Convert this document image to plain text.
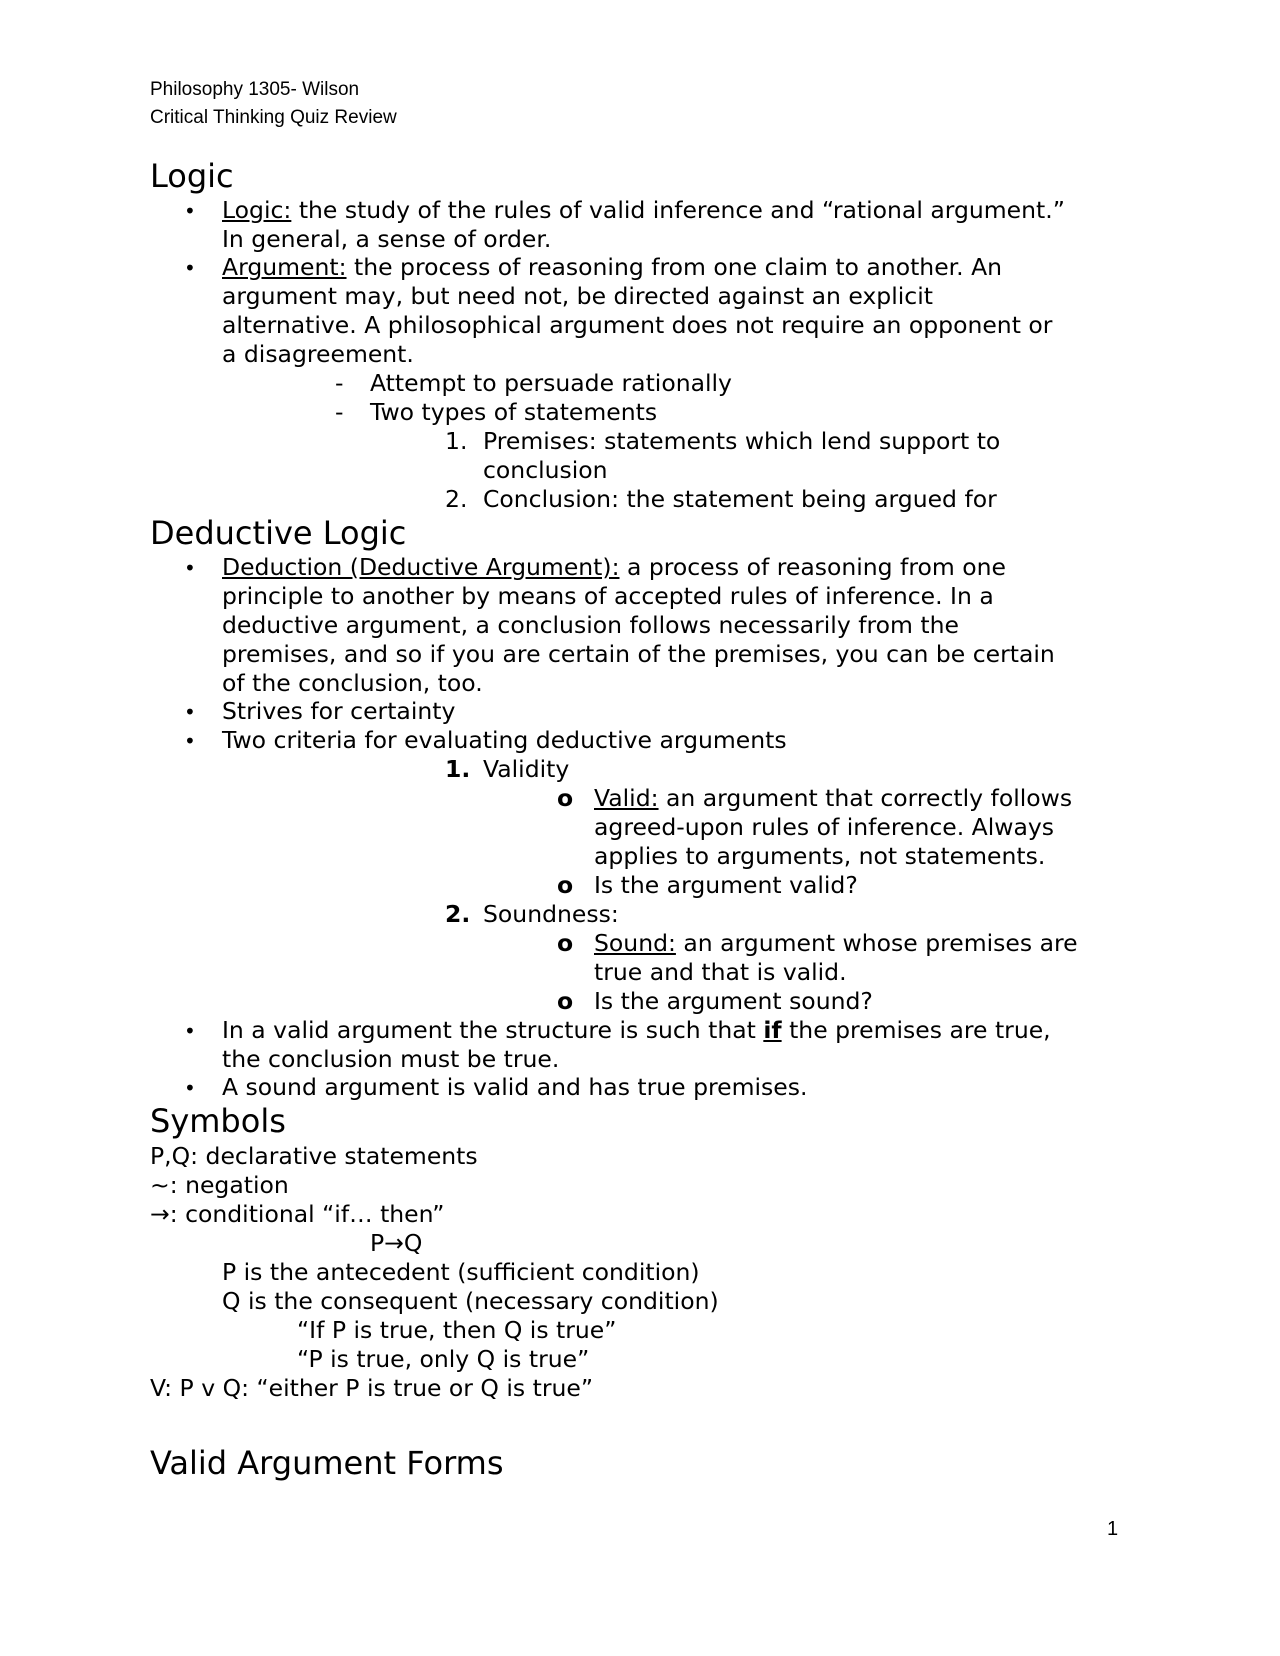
Philosophy 1305- Wilson
Critical Thinking Quiz Review
Logic
• Logic: the study of the rules of valid inference and “rational argument.”
In general, a sense of order.
• Argument: the process of reasoning from one claim to another. An
argument may, but need not, be directed against an explicit
alternative. A philosophical argument does not require an opponent or
a disagreement.
- Attempt to persuade rationally
- Two types of statements
1. Premises: statements which lend support to
conclusion
2. Conclusion: the statement being argued for
Deductive Logic
• Deduction (Deductive Argument): a process of reasoning from one
principle to another by means of accepted rules of inference. In a
deductive argument, a conclusion follows necessarily from the
premises, and so if you are certain of the premises, you can be certain
of the conclusion, too.
• Strives for certainty
• Two criteria for evaluating deductive arguments
1. Validity
o Valid: an argument that correctly follows
agreed-upon rules of inference. Always
applies to arguments, not statements.
o Is the argument valid?
2. Soundness:
o Sound: an argument whose premises are
true and that is valid.
o Is the argument sound?
• In a valid argument the structure is such that if the premises are true,
the conclusion must be true.
• A sound argument is valid and has true premises.
Symbols
P,Q: declarative statements
~: negation
→: conditional “if… then”
P→Q
P is the antecedent (sufficient condition)
Q is the consequent (necessary condition)
“If P is true, then Q is true”
“P is true, only Q is true”
V: P v Q: “either P is true or Q is true”
Valid Argument Forms
1
